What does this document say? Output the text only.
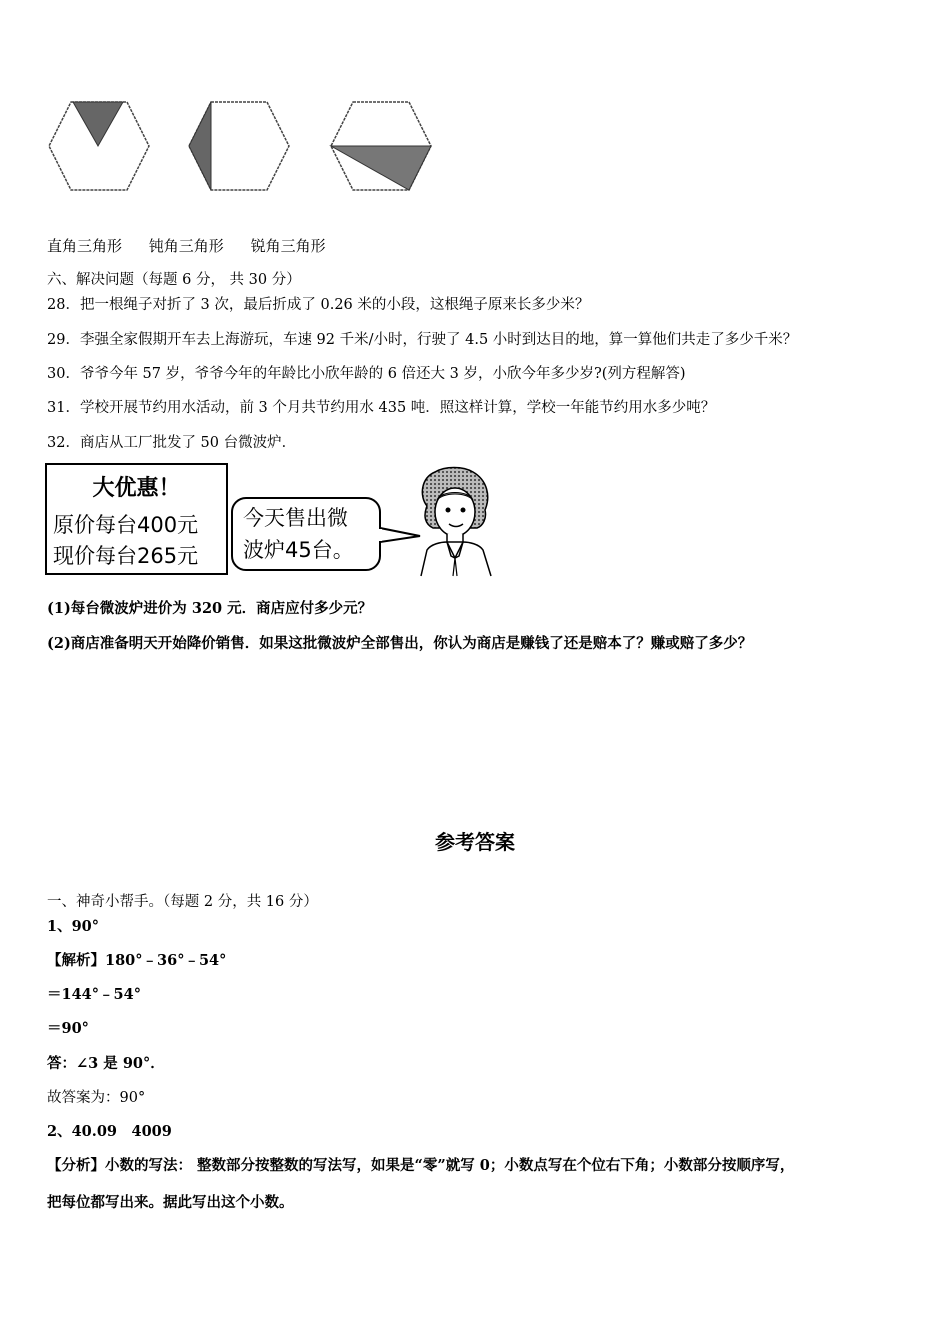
直角三角形 钝角三角形 锐角三角形
六、解决问题（每题 6 分， 共 30 分）
28．把一根绳子对折了 3 次，最后折成了 0.26 米的小段，这根绳子原来长多少米？
29．李强全家假期开车去上海游玩，车速 92 千米/小时，行驶了 4.5 小时到达目的地，算一算他们共走了多少千米？
30．爷爷今年 57 岁，爷爷今年的年龄比小欣年龄的 6 倍还大 3 岁，小欣今年多少岁?(列方程解答)
31．学校开展节约用水活动，前 3 个月共节约用水 435 吨．照这样计算，学校一年能节约用水多少吨？
32．商店从工厂批发了 50 台微波炉．
大优惠！
原价每台400元
现价每台265元
今天售出微
波炉45台。
(1)每台微波炉进价为 320 元．商店应付多少元？
(2)商店准备明天开始降价销售．如果这批微波炉全部售出，你认为商店是赚钱了还是赔本了？赚或赔了多少？
参考答案
一、神奇小帮手。（每题 2 分，共 16 分）
1、90°
【解析】180°﹣36°﹣54°
＝144°﹣54°
＝90°
答：∠3 是 90°．
故答案为：90°
2、40.09　4009
【分析】小数的写法： 整数部分按整数的写法写，如果是“零”就写 0；小数点写在个位右下角；小数部分按顺序写，
把每位都写出来。据此写出这个小数。
